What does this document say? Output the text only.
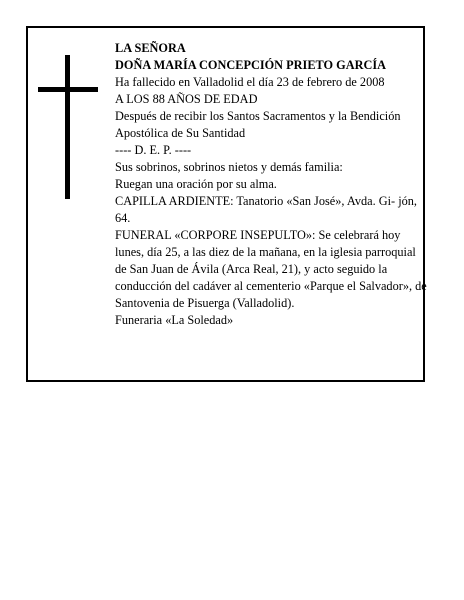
LA SEÑORA

DOÑA MARÍA CONCEPCIÓN PRIETO GARCÍA

Ha fallecido en Valladolid el día 23 de febrero de 2008

A LOS 88 AÑOS DE EDAD

Después de recibir los Santos Sacramentos y la Bendición Apostólica de Su Santidad

---- D. E. P. ----

Sus sobrinos, sobrinos nietos y demás familia:

Ruegan una oración por su alma.

CAPILLA ARDIENTE: Tanatorio «San José», Avda. Gi- jón, 64.

FUNERAL «CORPORE INSEPULTO»: Se celebrará hoy lunes, día 25, a las diez de la mañana, en la iglesia parroquial de San Juan de Ávila (Arca Real, 21), y acto seguido la conducción del cadáver al cementerio «Parque el Salvador», de Santovenia de Pisuerga (Valladolid).

Funeraria «La Soledad»
